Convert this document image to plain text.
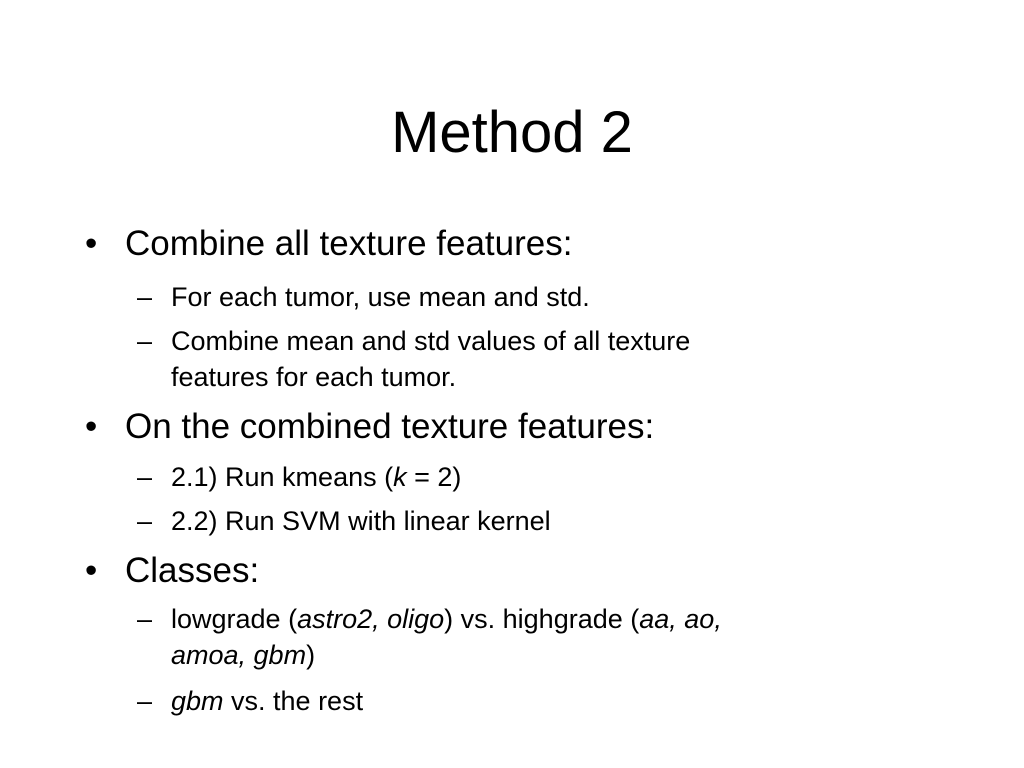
Method 2
• Combine all texture features:
– For each tumor, use mean and std.
– Combine mean and std values of all texture
features for each tumor.
• On the combined texture features:
– 2.1) Run kmeans (k = 2)
– 2.2) Run SVM with linear kernel
• Classes:
– lowgrade (astro2, oligo) vs. highgrade (aa, ao,
amoa, gbm)
– gbm vs. the rest
